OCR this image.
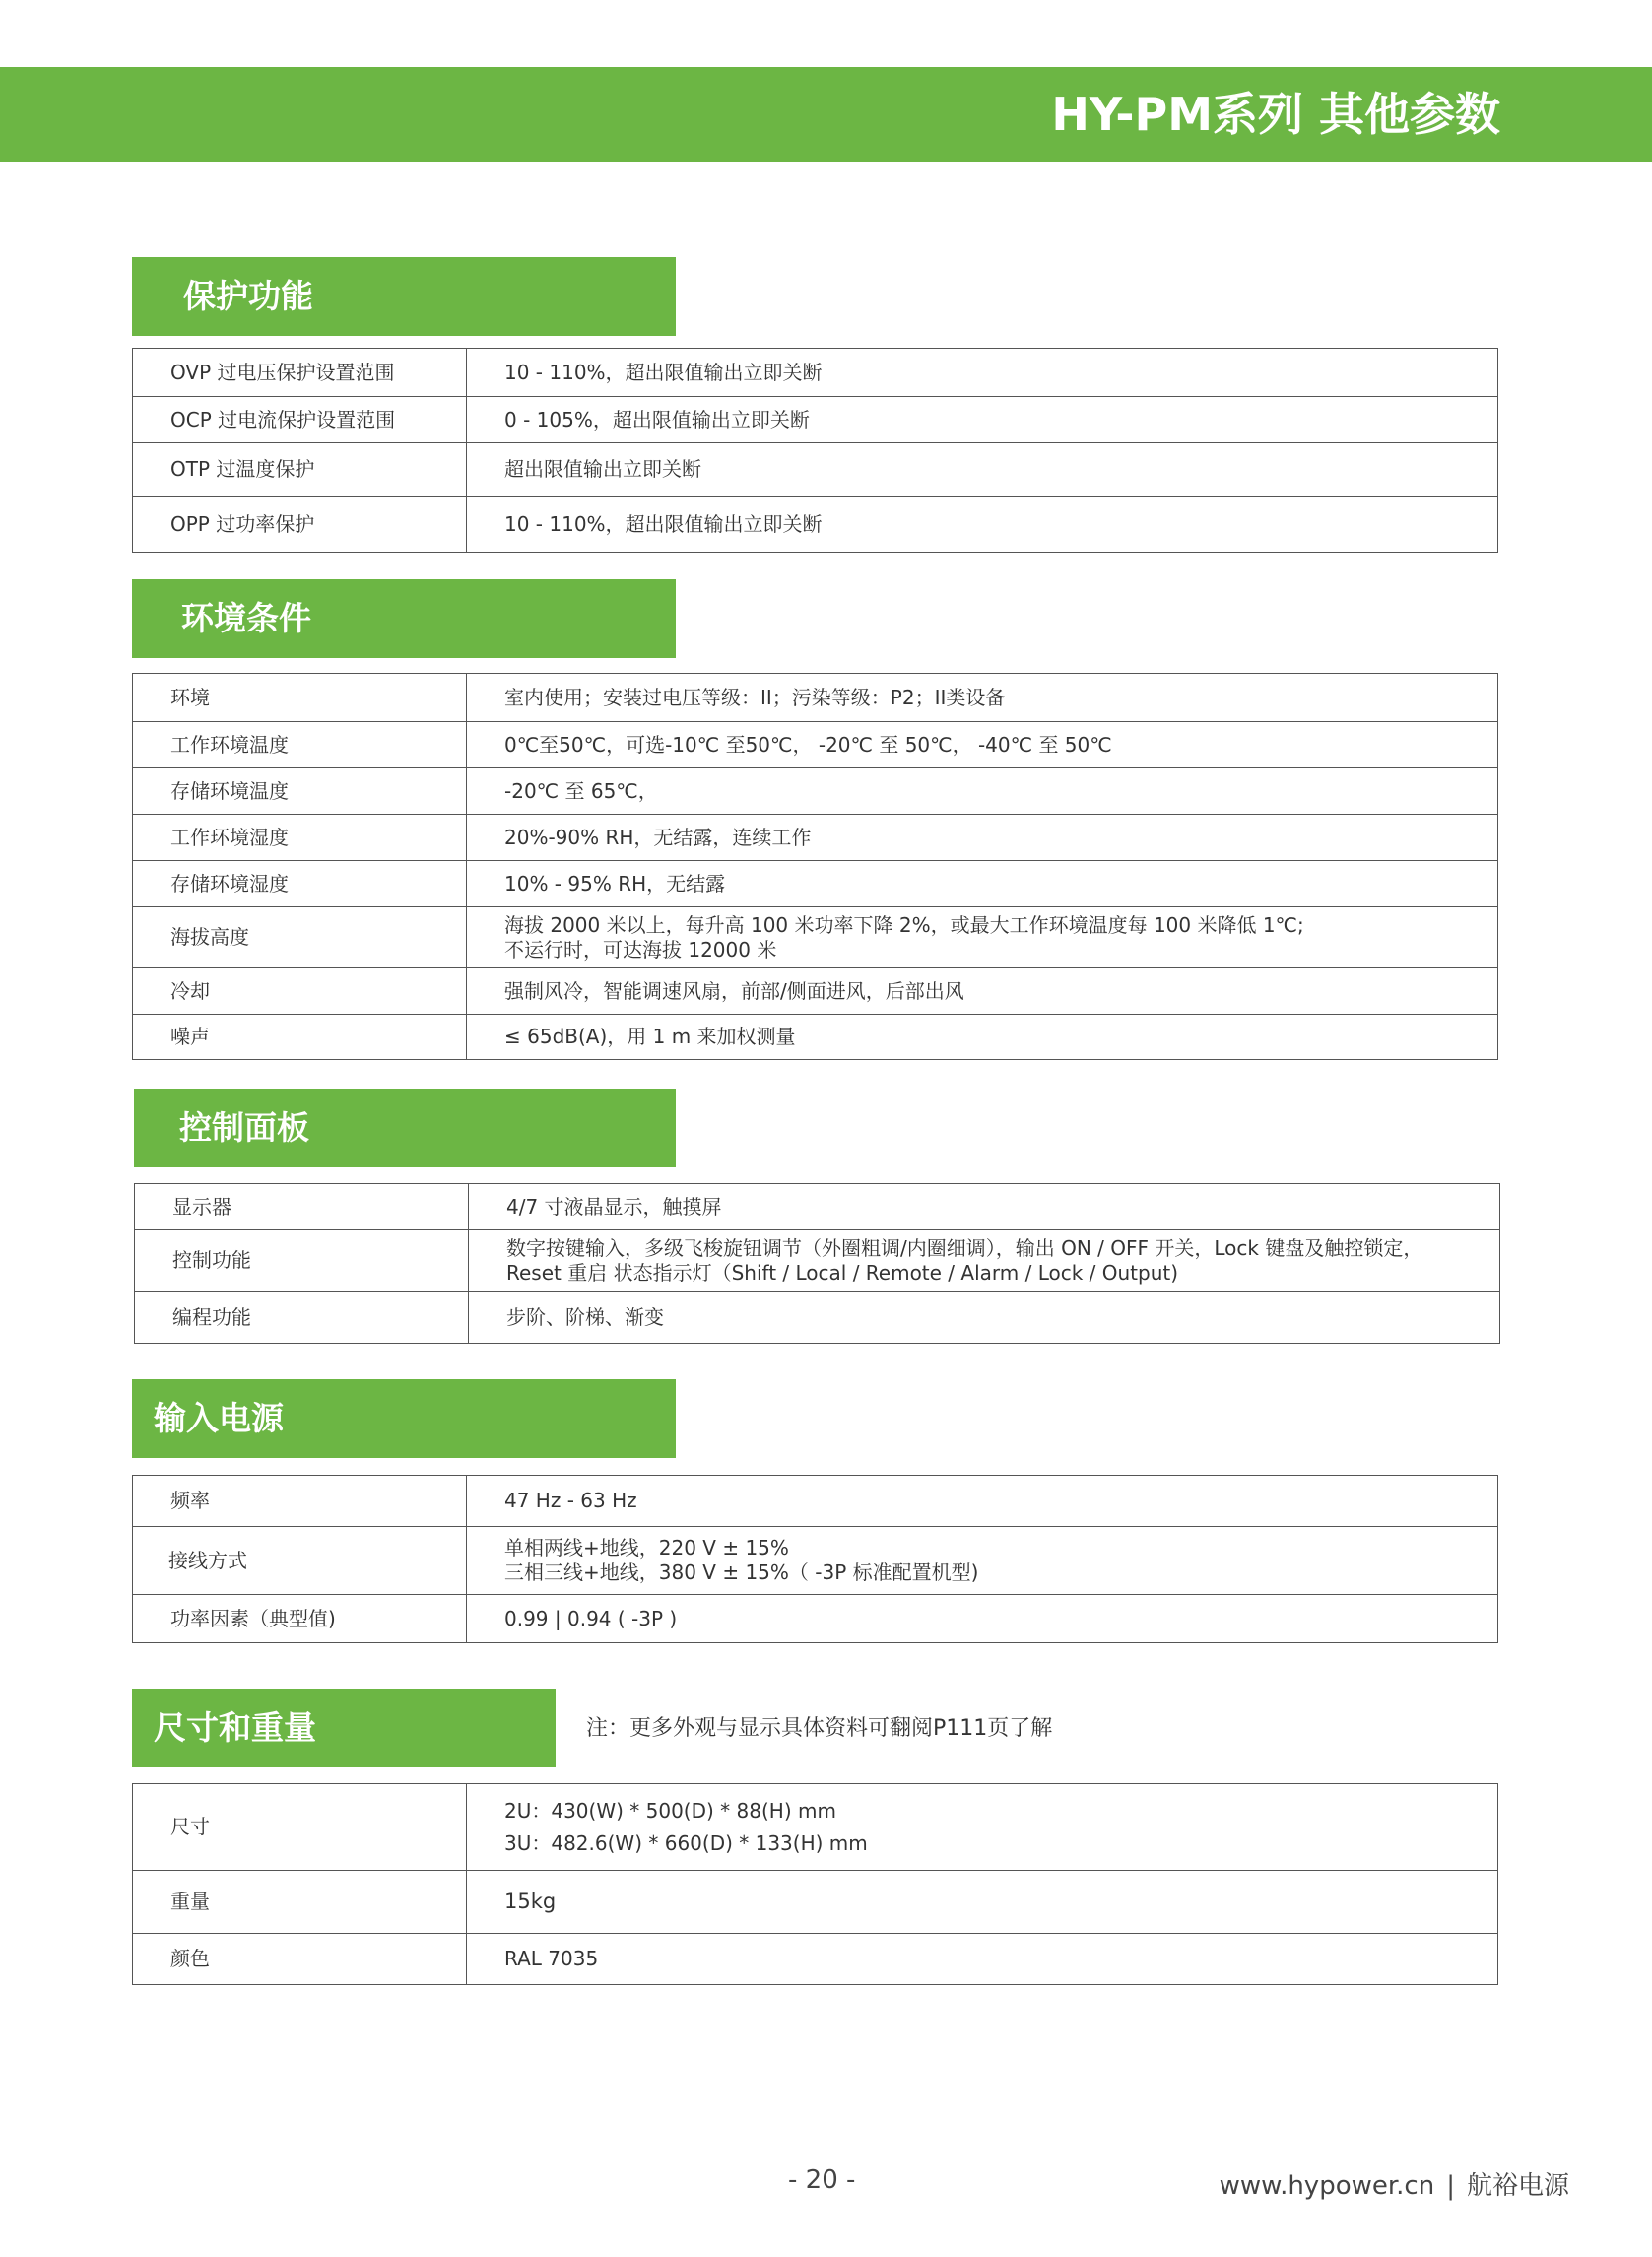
HY-PM系列 其他参数
保护功能
OVP 过电压保护设置范围	10 - 110%，超出限值输出立即关断
OCP 过电流保护设置范围	0 - 105%，超出限值输出立即关断
OTP 过温度保护	超出限值输出立即关断
OPP 过功率保护	10 - 110%，超出限值输出立即关断
环境条件
环境	室内使用；安装过电压等级：II；污染等级：P2；II类设备
工作环境温度	0℃至50℃，可选-10℃ 至50℃， -20℃ 至 50℃， -40℃ 至 50℃
存储环境温度	-20℃ 至 65℃，
工作环境湿度	20%-90% RH，无结露，连续工作
存储环境湿度	10% - 95% RH，无结露
海拔高度	海拔 2000 米以上，每升高 100 米功率下降 2%，或最大工作环境温度每 100 米降低 1℃;
不运行时，可达海拔 12000 米

冷却	强制风冷，智能调速风扇，前部/侧面进风，后部出风
噪声	≤ 65dB(A)，用 1 m 来加权测量
控制面板
显示器	4/7 寸液晶显示，触摸屏
控制功能	数字按键输入，多级飞梭旋钮调节（外圈粗调/内圈细调），输出 ON / OFF 开关，Lock 键盘及触控锁定，
Reset 重启 状态指示灯（Shift / Local / Remote / Alarm / Lock / Output)

编程功能	步阶、阶梯、渐变
输入电源
频率	47 Hz - 63 Hz
接线方式	单相两线+地线，220 V ± 15%
三相三线+地线，380 V ± 15%（ -3P 标准配置机型)

功率因素（典型值)	0.99 | 0.94 ( -3P )
尺寸和重量	注：更多外观与显示具体资料可翻阅P111页了解
尺寸	2U：430(W) * 500(D) * 88(H) mm
3U：482.6(W) * 660(D) * 133(H) mm

重量	15kg
颜色	RAL 7035
- 20 -	www.hypower.cn | 航裕电源
